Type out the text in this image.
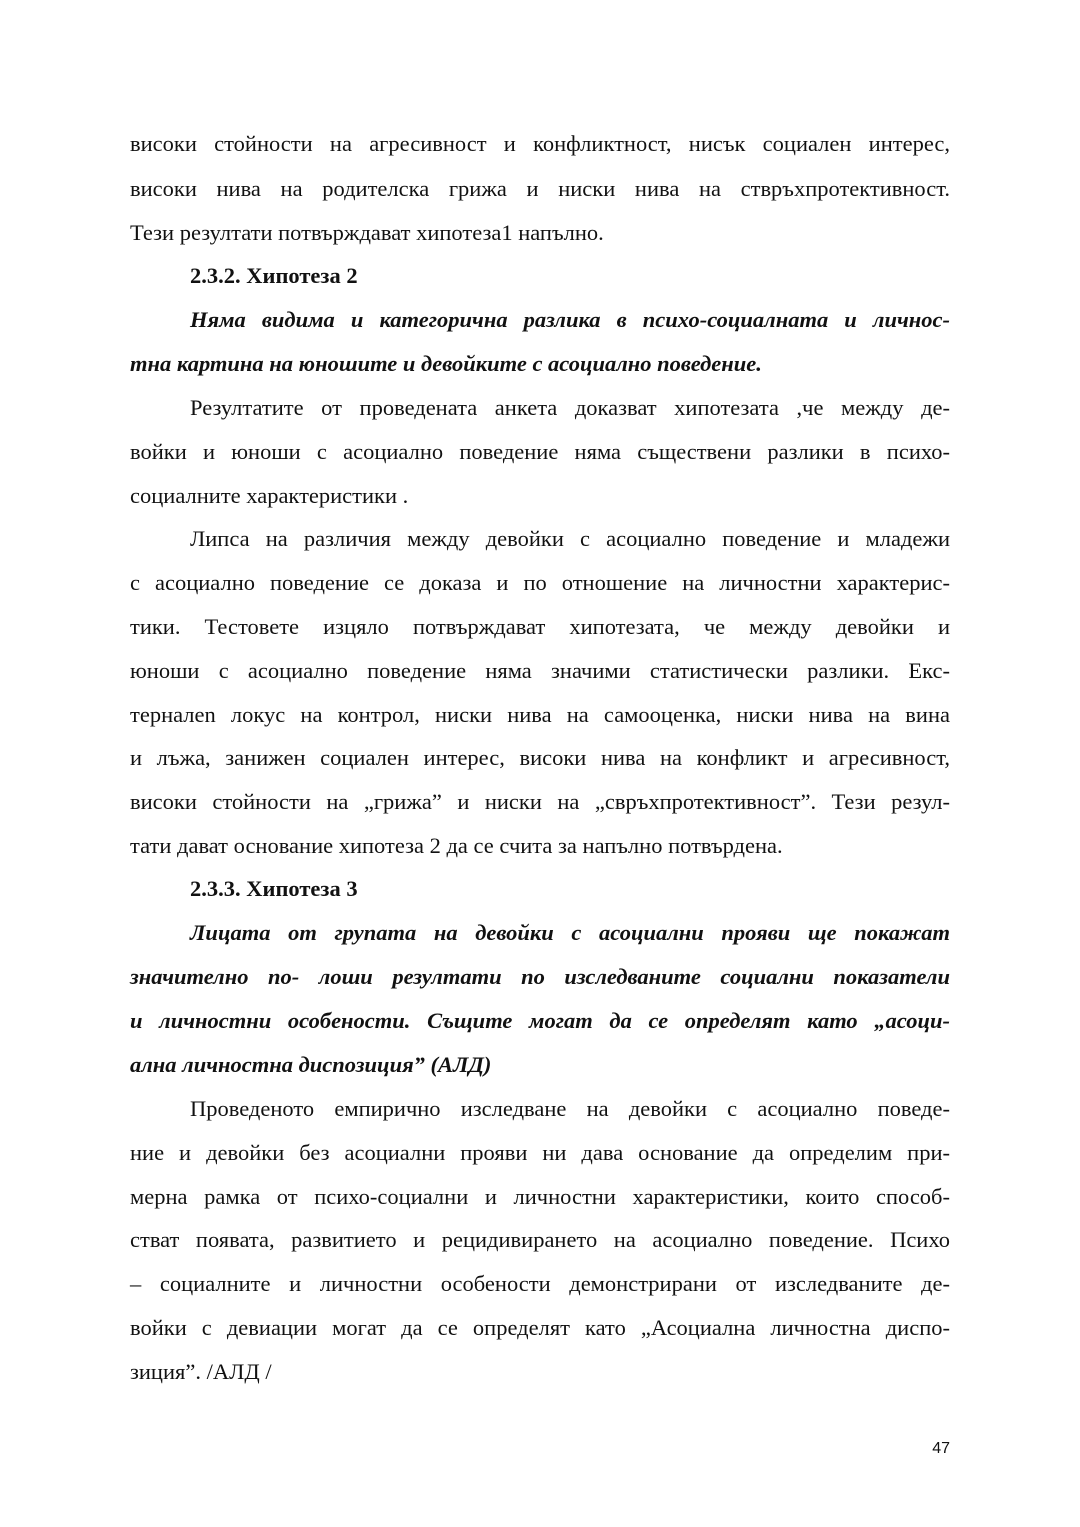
високи стойности на агресивност и конфликтност, нисък социален интерес,

високи нива на родителска грижа и ниски нива на ствръхпротективност.

Тези резултати потвърждават хипотеза1 напълно.

2.3.2. Хипотеза 2

Няма видима и категорична разлика в психо-социалната и личнос-

тна картина на юношите и девойките с асоциално поведение.

Резултатите от проведената анкета доказват хипотезата ,че между де-

войки и юноши с асоциално поведение няма съществени разлики в психо-

социалните характеристики .

Липса на различия между девойки с асоциално поведение и младежи

с асоциално поведение се доказа и по отношение на личностни характерис-

тики. Тестовете изцяло потвърждават хипотезата, че между девойки и

юноши с асоциално поведение няма значими статистически разлики. Екс-

терналеn локус на контрол, ниски нива на самооценка, ниски нива на вина

и лъжа, занижен социален интерес, високи нива на конфликт и агресивност,

високи стойности на „грижа” и ниски на „свръхпротективност”. Тези резул-

тати дават основание хипотеза 2 да се счита за напълно потвърдена.

2.3.3. Хипотеза 3

Лицата от групата на девойки с асоциални прояви ще покажат

значително по- лоши резултати по изследваните социални показатели

и личностни особености. Същите могат да се определят като „асоци-

ална личностна диспозиция” (АЛД)

Проведеното емпирично изследване на девойки с асоциално поведе-

ние и девойки без асоциални прояви ни дава основание да определим при-

мерна рамка от психо-социални и личностни характеристики, които способ-

стват появата, развитието и рецидивирането на асоциално поведение. Психо

– социалните и личностни особености демонстрирани от изследваните де-

войки с девиации могат да се определят като „Асоциална личностна диспо-

зиция”. /АЛД /

47
